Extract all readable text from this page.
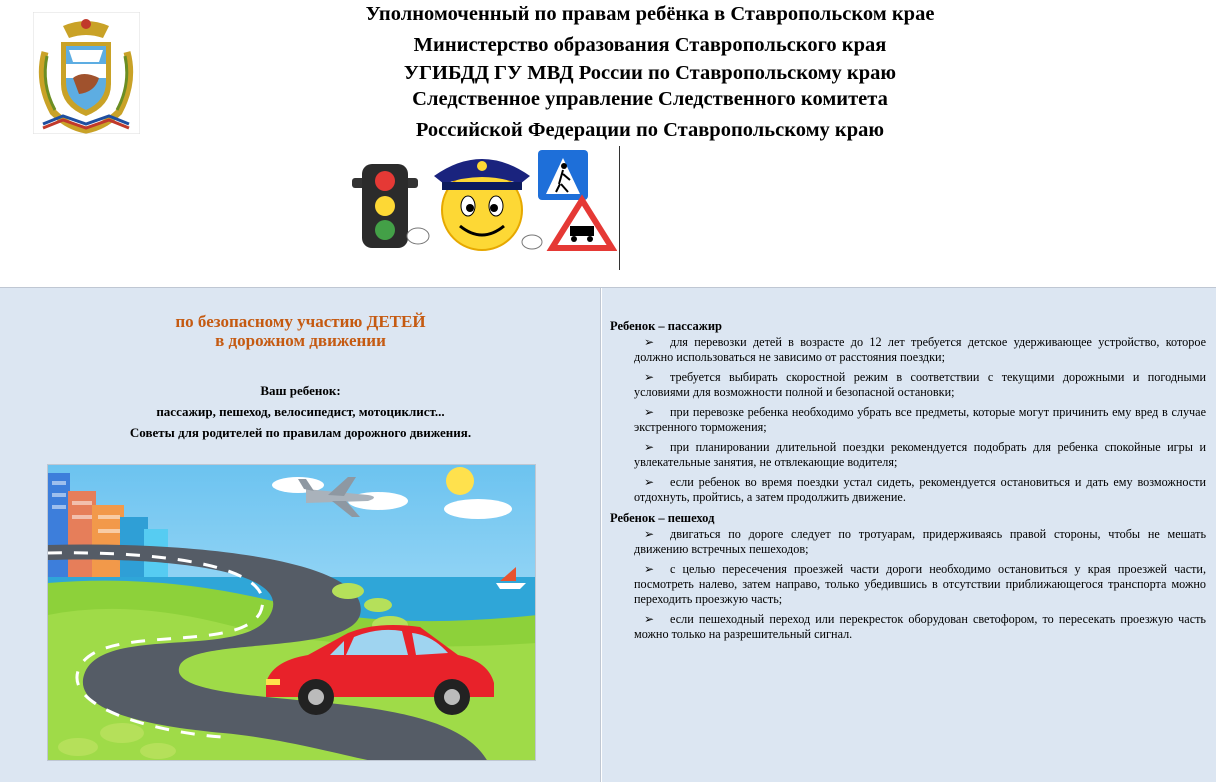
Уполномоченный по правам ребёнка в Ставропольском крае
Министерство образования Ставропольского края
УГИБДД ГУ МВД России по Ставропольскому краю
Следственное управление Следственного комитета
Российской Федерации по Ставропольскому краю
по безопасному участию ДЕТЕЙ
в дорожном движении
Ваш ребенок:
пассажир, пешеход, велосипедист, мотоциклист...
Советы для родителей по правилам дорожного движения.

Ребенок – пассажир

➢ для перевозки детей в возрасте до 12 лет требуется детское удерживающее устройство, которое должно использоваться не зависимо от расстояния поездки;

➢ требуется выбирать скоростной режим в соответствии с текущими дорожными и погодными условиями для возможности полной и безопасной остановки;

➢ при перевозке ребенка необходимо убрать все предметы, которые могут причинить ему вред в случае экстренного торможения;

➢ при планировании длительной поездки рекомендуется подобрать для ребенка спокойные игры и увлекательные занятия, не отвлекающие водителя;

➢ если ребенок во время поездки устал сидеть, рекомендуется остановиться и дать ему возможности отдохнуть, пройтись, а затем продолжить движение.

Ребенок – пешеход

➢ двигаться по дороге следует по тротуарам, придерживаясь правой стороны, чтобы не мешать движению встречных пешеходов;

➢ с целью пересечения проезжей части дороги необходимо остановиться у края проезжей части, посмотреть налево, затем направо, только убедившись в отсутствии приближающегося транспорта можно переходить проезжую часть;

➢ если пешеходный переход или перекресток оборудован светофором, то пересекать проезжую часть можно только на разрешительный сигнал.
